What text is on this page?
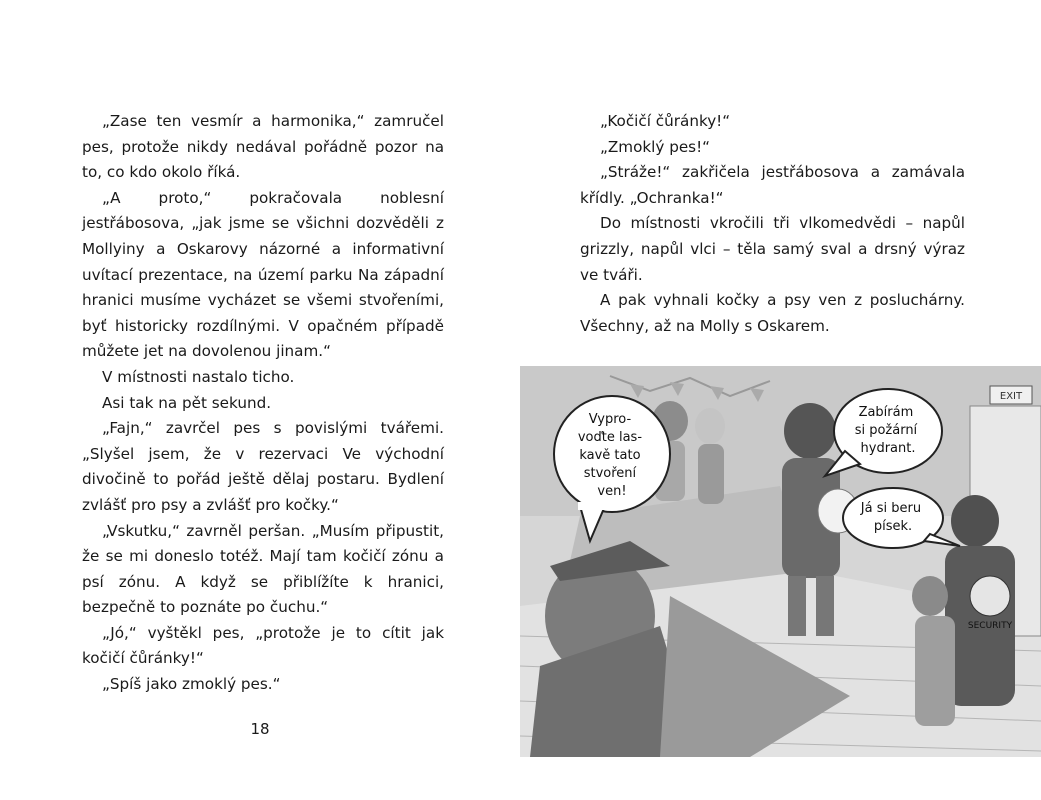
„Zase ten vesmír a harmonika,“ zamručel pes, protože nikdy nedával pořádně pozor na to, co kdo okolo říká.

„A proto,“ pokračovala noblesní jestřábosova, „jak jsme se všichni dozvěděli z Mollyiny a Oskarovy názorné a informativní uvítací prezentace, na území parku Na západní hranici musíme vycházet se všemi stvořeními, byť historicky rozdílnými. V opačném případě můžete jet na dovolenou jinam.“

V místnosti nastalo ticho.

Asi tak na pět sekund.

„Fajn,“ zavrčel pes s povislými tvářemi. „Slyšel jsem, že v rezervaci Ve východní divočině to pořád ještě dělaj postaru. Bydlení zvlášť pro psy a zvlášť pro kočky.“

„Vskutku,“ zavrněl peršan. „Musím připustit, že se mi doneslo totéž. Mají tam kočičí zónu a psí zónu. A když se přiblížíte k hranici, bezpečně to poznáte po čuchu.“

„Jó,“ vyštěkl pes, „protože je to cítit jak kočičí čůránky!“

„Spíš jako zmoklý pes.“

18

„Kočičí čůránky!“

„Zmoklý pes!“

„Stráže!“ zakřičela jestřábosova a zamávala křídly. „Ochranka!“

Do místnosti vkročili tři vlkomedvědi – napůl grizzly, napůl vlci – těla samý sval a drsný výraz ve tváři.

A pak vyhnali kočky a psy ven z posluchárny. Všechny, až na Molly s Oskarem.

EXIT
SECURITY
Vypro- voďte las- kavě tato stvoření ven!
Zabírám si požární hydrant.
Já si beru písek.
